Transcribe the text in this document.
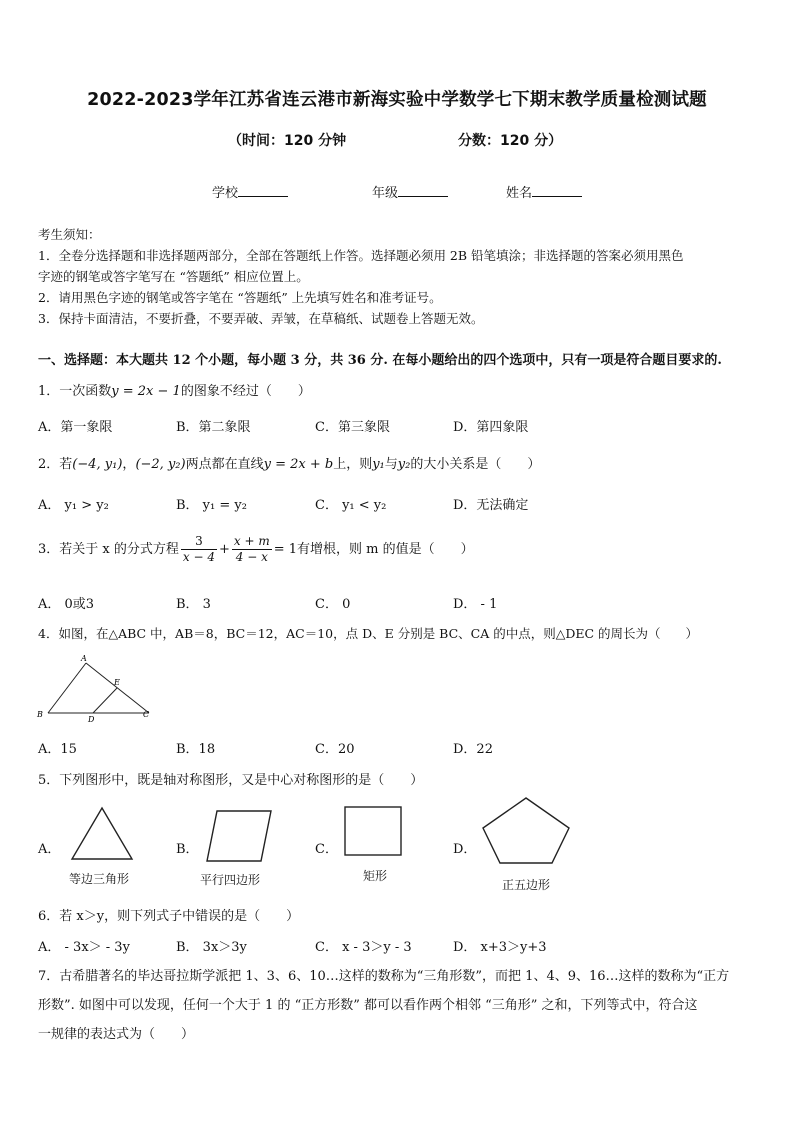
2022-2023学年江苏省连云港市新海实验中学数学七下期末教学质量检测试题
（时间：120 分钟	分数：120 分）
学校	年级	姓名

考生须知：

1．全卷分选择题和非选择题两部分，全部在答题纸上作答。选择题必须用 2B 铅笔填涂；非选择题的答案必须用黑色

字迹的钢笔或答字笔写在 “答题纸” 相应位置上。

2．请用黑色字迹的钢笔或答字笔在 “答题纸” 上先填写姓名和准考证号。

3．保持卡面清洁，不要折叠，不要弄破、弄皱，在草稿纸、试题卷上答题无效。

一、选择题：本大题共 12 个小题，每小题 3 分，共 36 分. 在每小题给出的四个选项中，只有一项是符合题目要求的.
1．一次函数y = 2x − 1的图象不经过（　　）
A．第一象限	B．第二象限	C．第三象限	D．第四象限
2．若(−4, y₁)，(−2, y₂)两点都在直线y = 2x + b上，则y₁与y₂的大小关系是（　　）
A． y₁ > y₂	B． y₁ = y₂	C． y₁ < y₂	D．无法确定
3．若关于 x 的分式方程 $\frac{3}{x - 4} + \frac{x + m}{4 - x} = 1$有增根，则 m 的值是（　　）
A． 0或3	B． 3	C． 0	D． - 1
4．如图，在△ABC 中，AB＝8，BC＝12，AC＝10，点 D、E 分别是 BC、CA 的中点，则△DEC 的周长为（　　）
A
B	C
D
E
A．15	B．18	C．20	D．22
5．下列图形中，既是轴对称图形，又是中心对称图形的是（　　）
A．
等边三角形
B．
平行四边形
C．
矩形
D．
正五边形
6．若 x＞y，则下列式子中错误的是（　　）
A． - 3x＞ - 3y	B． 3x＞3y	C． x - 3＞y - 3	D． x+3＞y+3
7．古希腊著名的毕达哥拉斯学派把 1、3、6、10…这样的数称为“三角形数”，而把 1、4、9、16…这样的数称为“正方
形数”. 如图中可以发现，任何一个大于 1 的 “正方形数” 都可以看作两个相邻 “三角形” 之和，下列等式中，符合这
一规律的表达式为（　　）
